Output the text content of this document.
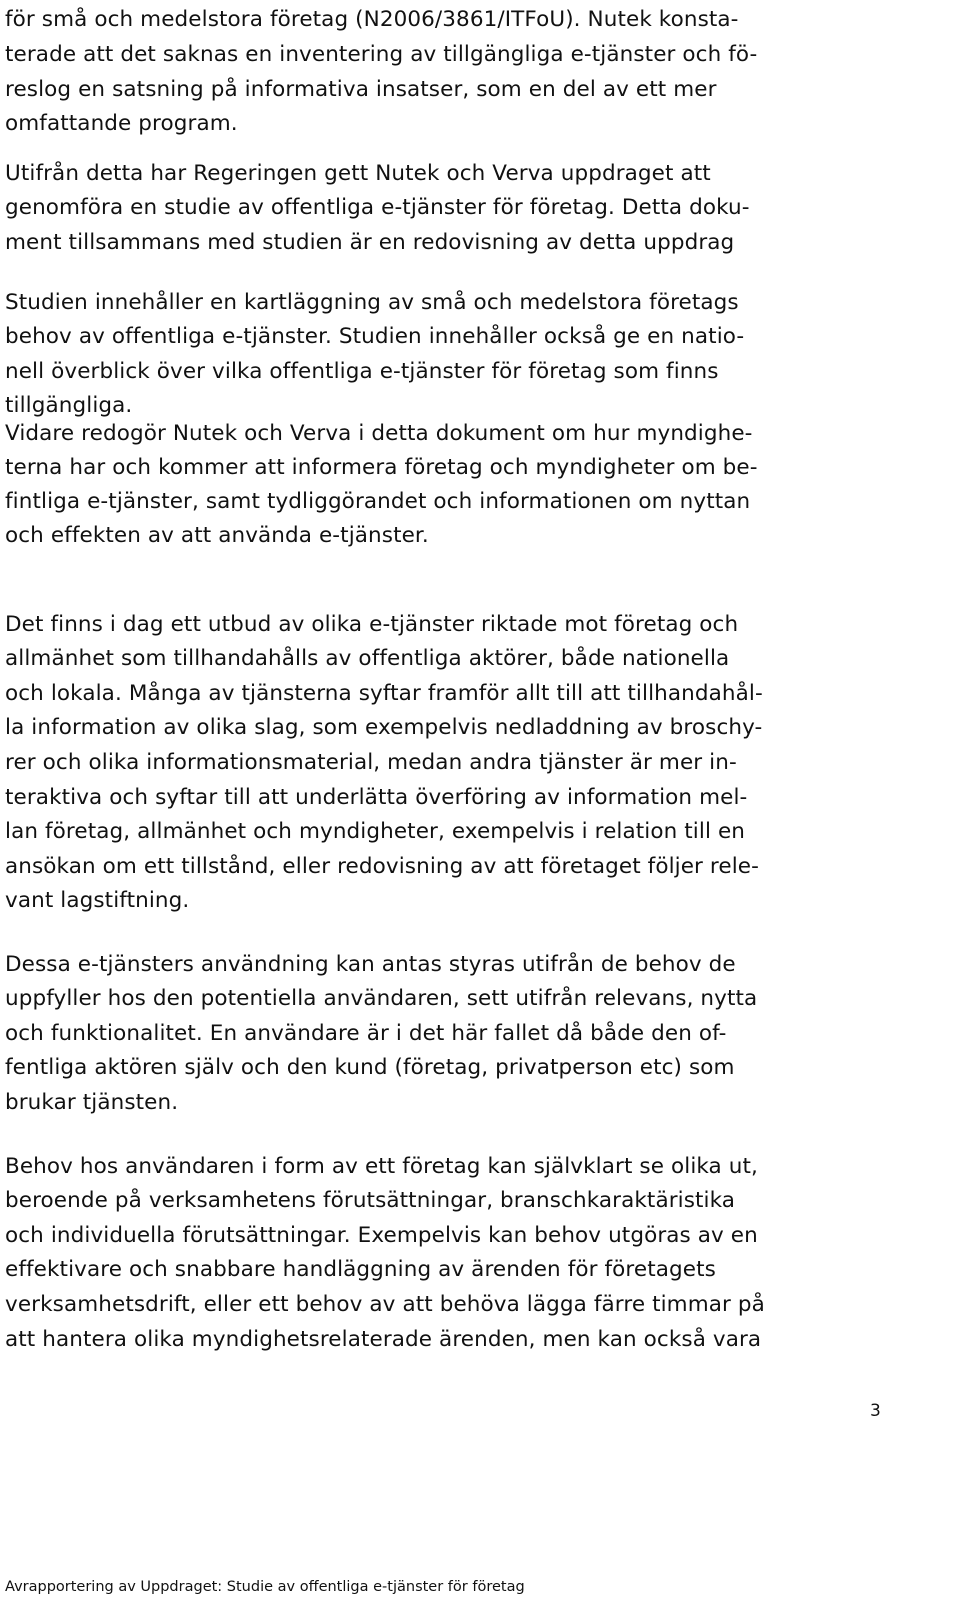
för små och medelstora företag (N2006/3861/ITFoU). Nutek konsta-
terade att det saknas en inventering av tillgängliga e-tjänster och fö-
reslog en satsning på informativa insatser, som en del av ett mer
omfattande program.
Utifrån detta har Regeringen gett Nutek och Verva uppdraget att
genomföra en studie av offentliga e-tjänster för företag. Detta doku-
ment tillsammans med studien är en redovisning av detta uppdrag
Studien innehåller en kartläggning av små och medelstora företags
behov av offentliga e-tjänster. Studien innehåller också ge en natio-
nell överblick över vilka offentliga e-tjänster för företag som finns
tillgängliga.
Vidare redogör Nutek och Verva i detta dokument om hur myndighe-
terna har och kommer att informera företag och myndigheter om be-
fintliga e-tjänster, samt tydliggörandet och informationen om nyttan
och effekten av att använda e-tjänster.
Det finns i dag ett utbud av olika e-tjänster riktade mot företag och
allmänhet som tillhandahålls av offentliga aktörer, både nationella
och lokala. Många av tjänsterna syftar framför allt till att tillhandahål-
la information av olika slag, som exempelvis nedladdning av broschy-
rer och olika informationsmaterial, medan andra tjänster är mer in-
teraktiva och syftar till att underlätta överföring av information mel-
lan företag, allmänhet och myndigheter, exempelvis i relation till en
ansökan om ett tillstånd, eller redovisning av att företaget följer rele-
vant lagstiftning.
Dessa e-tjänsters användning kan antas styras utifrån de behov de
uppfyller hos den potentiella användaren, sett utifrån relevans, nytta
och funktionalitet. En användare är i det här fallet då både den of-
fentliga aktören själv och den kund (företag, privatperson etc) som
brukar tjänsten.
Behov hos användaren i form av ett företag kan självklart se olika ut,
beroende på verksamhetens förutsättningar, branschkaraktäristika
och individuella förutsättningar. Exempelvis kan behov utgöras av en
effektivare och snabbare handläggning av ärenden för företagets
verksamhetsdrift, eller ett behov av att behöva lägga färre timmar på
att hantera olika myndighetsrelaterade ärenden, men kan också vara
3
Avrapportering av Uppdraget: Studie av offentliga e-tjänster för företag
